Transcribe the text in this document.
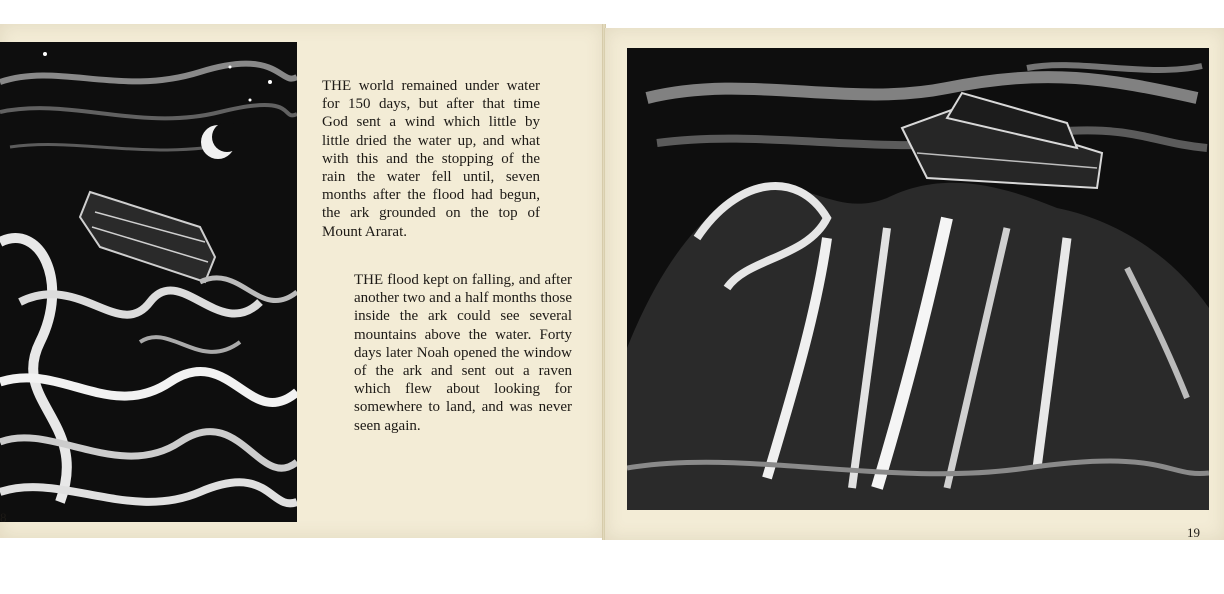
THE world remained under water for 150 days, but after that time God sent a wind which little by little dried the water up, and what with this and the stopping of the rain the water fell until, seven months after the flood had begun, the ark grounded on the top of Mount Ararat.

THE flood kept on falling, and after another two and a half months those inside the ark could see several mountains above the water. Forty days later Noah opened the window of the ark and sent out a raven which flew about looking for somewhere to land, and was never seen again.

8
19
